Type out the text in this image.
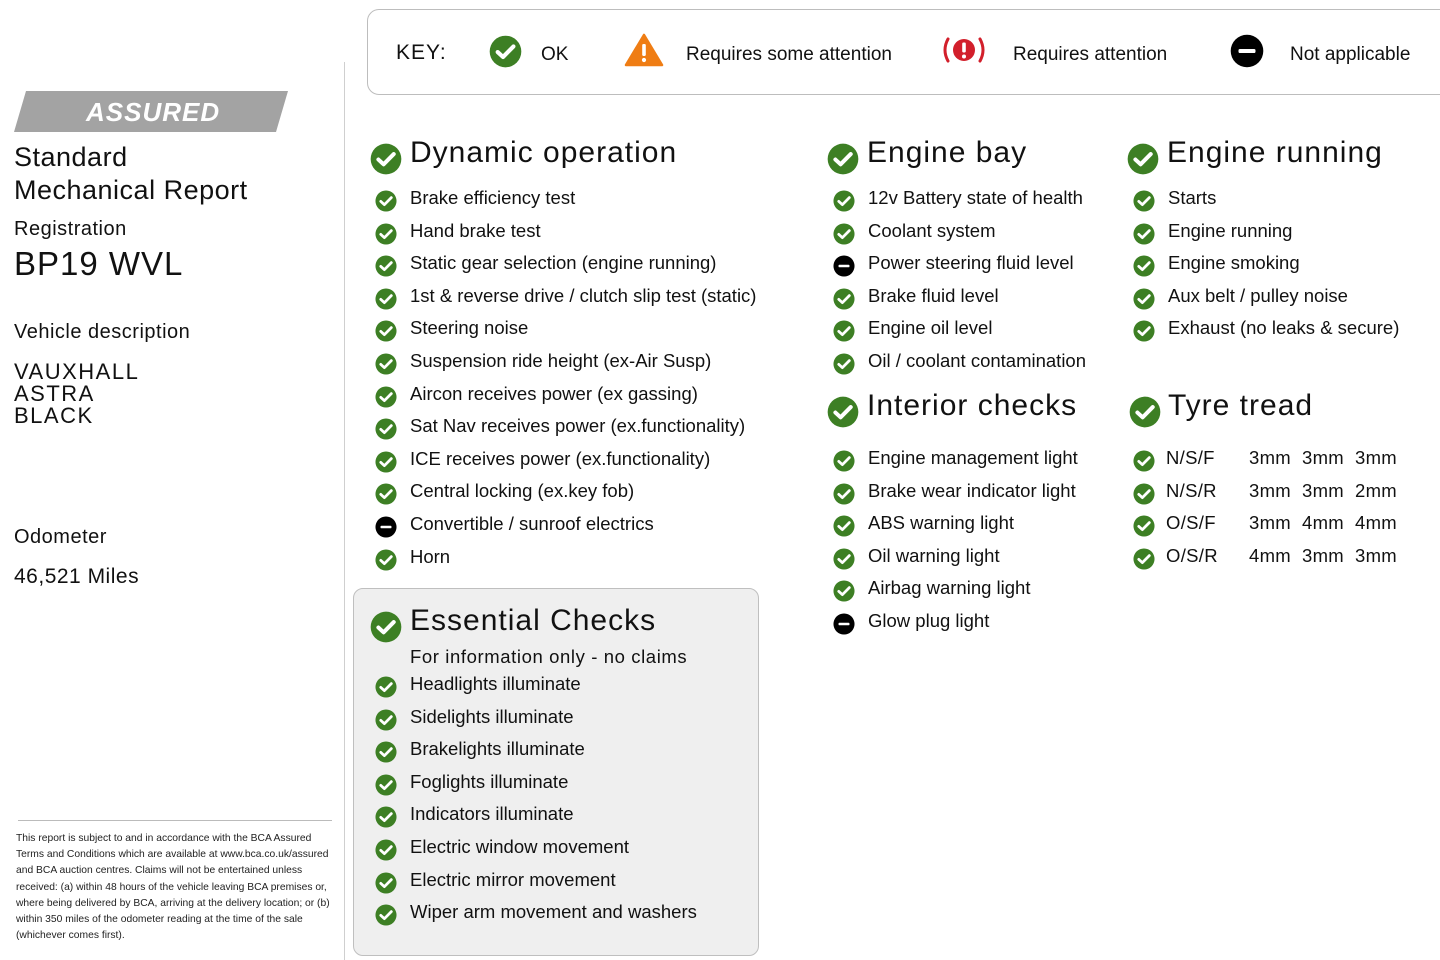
ASSURED
Standard
Mechanical Report
Registration
BP19 WVL
Vehicle description
VAUXHALL
ASTRA
BLACK
Odometer
46,521 Miles
This report is subject to and in accordance with the BCA Assured Terms and Conditions which are available at www.bca.co.uk/assured and BCA auction centres. Claims will not be entertained unless received: (a) within 48 hours of the vehicle leaving BCA premises or, where being delivered by BCA, arriving at the delivery location; or (b) within 350 miles of the odometer reading at the time of the sale (whichever comes first).
KEY:	OK	Requires some attention	Requires attention	Not applicable
For information only - no claims
Dynamic operation
Brake efficiency test
Hand brake test
Static gear selection (engine running)
1st & reverse drive / clutch slip test (static)
Steering noise
Suspension ride height (ex-Air Susp)
Aircon receives power (ex gassing)
Sat Nav receives power (ex.functionality)
ICE receives power (ex.functionality)
Central locking (ex.key fob)
Convertible / sunroof electrics
Horn
Engine bay
12v Battery state of health
Coolant system
Power steering fluid level
Brake fluid level
Engine oil level
Oil / coolant contamination
Engine running
Starts
Engine running
Engine smoking
Aux belt / pulley noise
Exhaust (no leaks & secure)
Interior checks
Engine management light
Brake wear indicator light
ABS warning light
Oil warning light
Airbag warning light
Glow plug light
Essential Checks
Headlights illuminate
Sidelights illuminate
Brakelights illuminate
Foglights illuminate
Indicators illuminate
Electric window movement
Electric mirror movement
Wiper arm movement and washers
Tyre tread
N/S/F 3mm 3mm 3mm
N/S/R 3mm 3mm 2mm
O/S/F 3mm 4mm 4mm
O/S/R 4mm 3mm 3mm
